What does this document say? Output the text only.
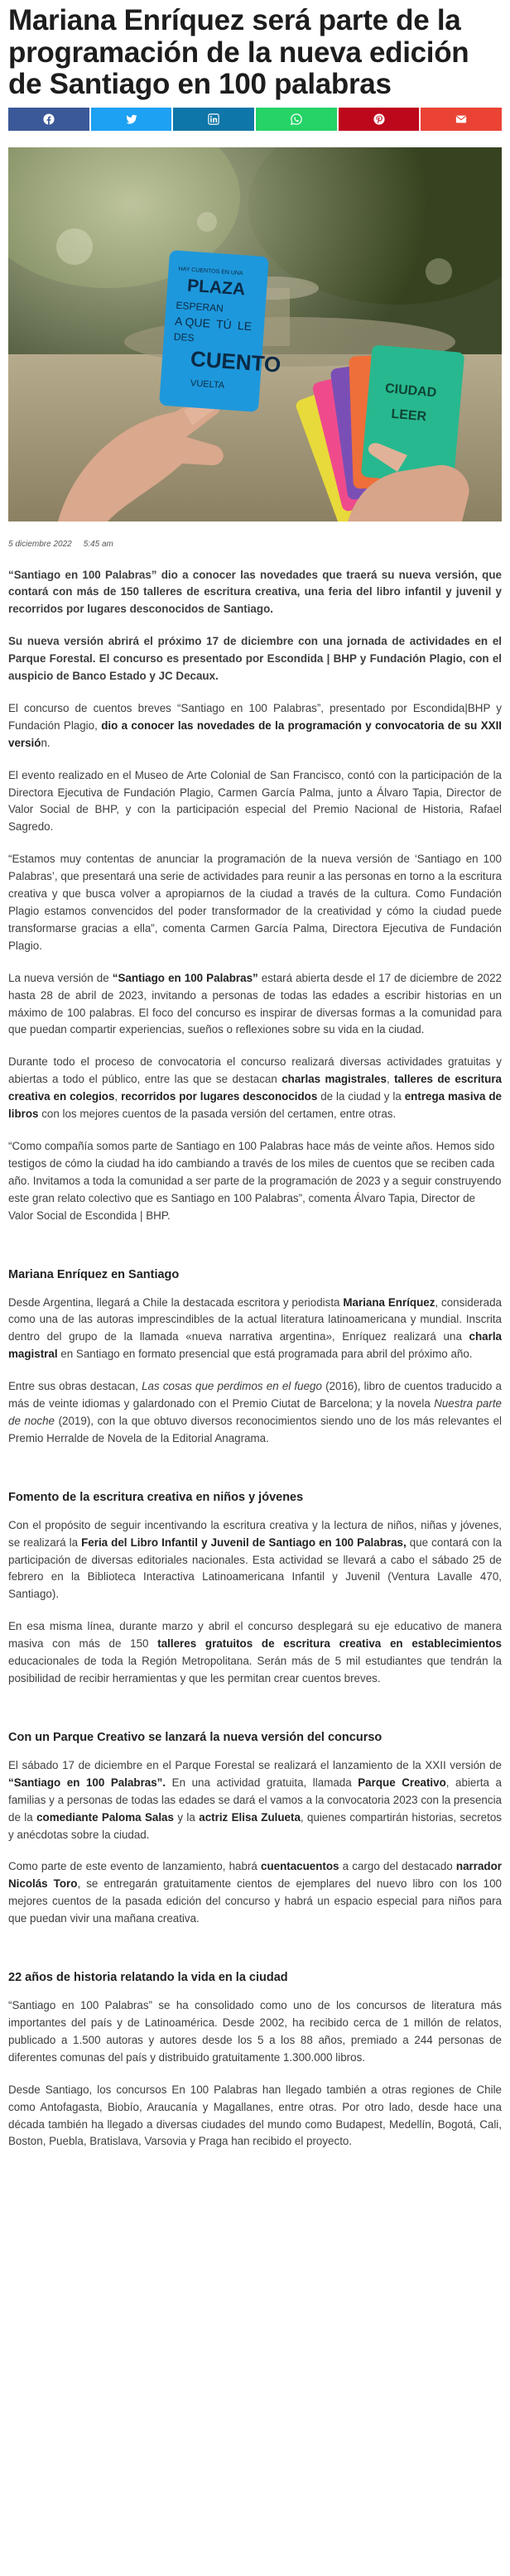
Mariana Enríquez será parte de la programación de la nueva edición de Santiago en 100 palabras
HAY CUENTOS EN UNA
PLAZA
ESPERAN
A QUE TÚ LE
DES
CUENTO
VUELTA	CIUDAD
LEER
5 diciembre 2022 5:45 am

“Santiago en 100 Palabras” dio a conocer las novedades que traerá su nueva versión, que contará con más de 150 talleres de escritura creativa, una feria del libro infantil y juvenil y recorridos por lugares desconocidos de Santiago.

Su nueva versión abrirá el próximo 17 de diciembre con una jornada de actividades en el Parque Forestal. El concurso es presentado por Escondida | BHP y Fundación Plagio, con el auspicio de Banco Estado y JC Decaux.

El concurso de cuentos breves “Santiago en 100 Palabras”, presentado por Escondida|BHP y Fundación Plagio, dio a conocer las novedades de la programación y convocatoria de su XXII versión.

El evento realizado en el Museo de Arte Colonial de San Francisco, contó con la participación de la Directora Ejecutiva de Fundación Plagio, Carmen García Palma, junto a Álvaro Tapia, Director de Valor Social de BHP, y con la participación especial del Premio Nacional de Historia, Rafael Sagredo.

“Estamos muy contentas de anunciar la programación de la nueva versión de ‘Santiago en 100 Palabras’, que presentará una serie de actividades para reunir a las personas en torno a la escritura creativa y que busca volver a apropiarnos de la ciudad a través de la cultura. Como Fundación Plagio estamos convencidos del poder transformador de la creatividad y cómo la ciudad puede transformarse gracias a ella”, comenta Carmen García Palma, Directora Ejecutiva de Fundación Plagio.

La nueva versión de “Santiago en 100 Palabras” estará abierta desde el 17 de diciembre de 2022 hasta 28 de abril de 2023, invitando a personas de todas las edades a escribir historias en un máximo de 100 palabras. El foco del concurso es inspirar de diversas formas a la comunidad para que puedan compartir experiencias, sueños o reflexiones sobre su vida en la ciudad.

Durante todo el proceso de convocatoria el concurso realizará diversas actividades gratuitas y abiertas a todo el público, entre las que se destacan charlas magistrales, talleres de escritura creativa en colegios, recorridos por lugares desconocidos de la ciudad y la entrega masiva de libros con los mejores cuentos de la pasada versión del certamen, entre otras.

“Como compañía somos parte de Santiago en 100 Palabras hace más de veinte años. Hemos sido testigos de cómo la ciudad ha ido cambiando a través de los miles de cuentos que se reciben cada año. Invitamos a toda la comunidad a ser parte de la programación de 2023 y a seguir construyendo este gran relato colectivo que es Santiago en 100 Palabras”, comenta Álvaro Tapia, Director de Valor Social de Escondida | BHP.

Mariana Enríquez en Santiago

Desde Argentina, llegará a Chile la destacada escritora y periodista Mariana Enríquez, considerada como una de las autoras imprescindibles de la actual literatura latinoamericana y mundial. Inscrita dentro del grupo de la llamada «nueva narrativa argentina», Enríquez realizará una charla magistral en Santiago en formato presencial que está programada para abril del próximo año.

Entre sus obras destacan, Las cosas que perdimos en el fuego (2016), libro de cuentos traducido a más de veinte idiomas y galardonado con el Premio Ciutat de Barcelona; y la novela Nuestra parte de noche (2019), con la que obtuvo diversos reconocimientos siendo uno de los más relevantes el Premio Herralde de Novela de la Editorial Anagrama.

Fomento de la escritura creativa en niños y jóvenes

Con el propósito de seguir incentivando la escritura creativa y la lectura de niños, niñas y jóvenes, se realizará la Feria del Libro Infantil y Juvenil de Santiago en 100 Palabras, que contará con la participación de diversas editoriales nacionales. Esta actividad se llevará a cabo el sábado 25 de febrero en la Biblioteca Interactiva Latinoamericana Infantil y Juvenil (Ventura Lavalle 470, Santiago).

En esa misma línea, durante marzo y abril el concurso desplegará su eje educativo de manera masiva con más de 150 talleres gratuitos de escritura creativa en establecimientos educacionales de toda la Región Metropolitana. Serán más de 5 mil estudiantes que tendrán la posibilidad de recibir herramientas y que les permitan crear cuentos breves.

Con un Parque Creativo se lanzará la nueva versión del concurso

El sábado 17 de diciembre en el Parque Forestal se realizará el lanzamiento de la XXII versión de “Santiago en 100 Palabras”. En una actividad gratuita, llamada Parque Creativo, abierta a familias y a personas de todas las edades se dará el vamos a la convocatoria 2023 con la presencia de la comediante Paloma Salas y la actriz Elisa Zulueta, quienes compartirán historias, secretos y anécdotas sobre la ciudad.

Como parte de este evento de lanzamiento, habrá cuentacuentos a cargo del destacado narrador Nicolás Toro, se entregarán gratuitamente cientos de ejemplares del nuevo libro con los 100 mejores cuentos de la pasada edición del concurso y habrá un espacio especial para niños para que puedan vivir una mañana creativa.

22 años de historia relatando la vida en la ciudad

“Santiago en 100 Palabras” se ha consolidado como uno de los concursos de literatura más importantes del país y de Latinoamérica. Desde 2002, ha recibido cerca de 1 millón de relatos, publicado a 1.500 autoras y autores desde los 5 a los 88 años, premiado a 244 personas de diferentes comunas del país y distribuido gratuitamente 1.300.000 libros.

Desde Santiago, los concursos En 100 Palabras han llegado también a otras regiones de Chile como Antofagasta, Biobío, Araucanía y Magallanes, entre otras. Por otro lado, desde hace una década también ha llegado a diversas ciudades del mundo como Budapest, Medellín, Bogotá, Cali, Boston, Puebla, Bratislava, Varsovia y Praga han recibido el proyecto.
